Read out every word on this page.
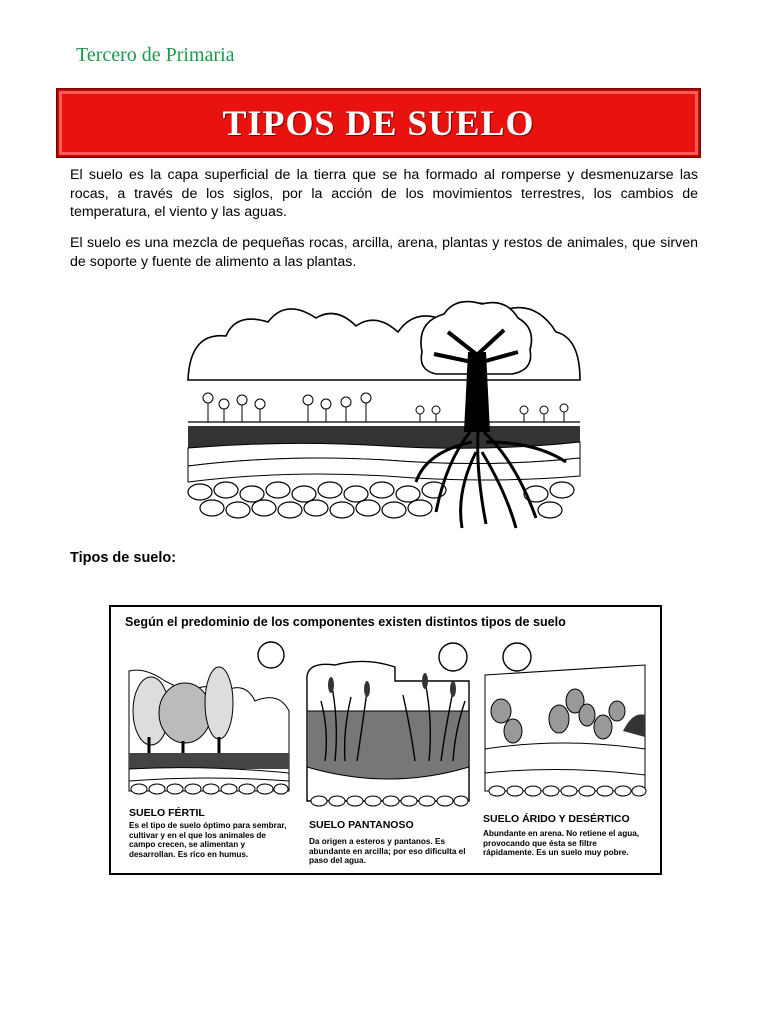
Tercero de Primaria
TIPOS DE SUELO
El suelo es la capa superficial de la tierra que se ha formado al romperse y desmenuzarse las rocas, a través de los siglos, por la acción de los movimientos terrestres, los cambios de temperatura, el viento y las aguas.
El suelo es una mezcla de pequeñas rocas, arcilla, arena, plantas y restos de animales, que sirven de soporte y fuente de alimento a las plantas.
Tipos de suelo:
Según el predominio de los componentes existen distintos tipos de suelo
SUELO FÉRTIL
Es el tipo de suelo óptimo para sembrar, cultivar y en el que los animales de campo crecen, se alimentan y desarrollan. Es rico en humus.
SUELO PANTANOSO
Da origen a esteros y pantanos. Es abundante en arcilla; por eso dificulta el paso del agua.
SUELO ÁRIDO Y DESÉRTICO
Abundante en arena. No retiene el agua, provocando que ésta se filtre rápidamente. Es un suelo muy pobre.
